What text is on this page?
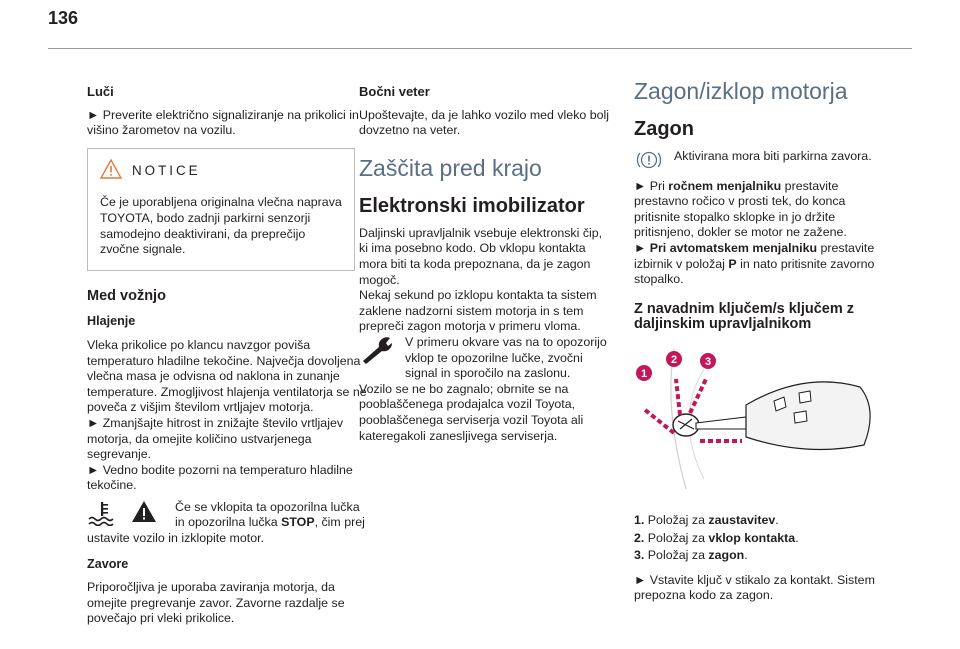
136
Luči

► Preverite električno signaliziranje na prikolici in višino žarometov na vozilu.

NOTICE
Če je uporabljena originalna vlečna naprava TOYOTA, bodo zadnji parkirni senzorji samodejno deaktivirani, da preprečijo zvočne signale.
Med vožnjo
Hlajenje
Vleka prikolice po klancu navzgor poviša temperaturo hladilne tekočine. Največja dovoljena vlečna masa je odvisna od naklona in zunanje temperature. Zmogljivost hlajenja ventilatorja se ne poveča z višjim številom vrtljajev motorja.
► Zmanjšajte hitrost in znižajte število vrtljajev motorja, da omejite količino ustvarjenega segrevanje.
► Vedno bodite pozorni na temperaturo hladilne tekočine.
Če se vklopita ta opozorilna lučka in opozorilna lučka STOP, čim prej ustavite vozilo in izklopite motor.
Zavore

Priporočljiva je uporaba zaviranja motorja, da omejite pregrevanje zavor. Zavorne razdalje se povečajo pri vleki prikolice.

Bočni veter

Upoštevajte, da je lahko vozilo med vleko bolj dovzetno na veter.

Zaščita pred krajo
Elektronski imobilizator
Daljinski upravljalnik vsebuje elektronski čip, ki ima posebno kodo. Ob vklopu kontakta mora biti ta koda prepoznana, da je zagon mogoč.
Nekaj sekund po izklopu kontakta ta sistem zaklene nadzorni sistem motorja in s tem prepreči zagon motorja v primeru vloma.
V primeru okvare vas na to opozorijo vklop te opozorilne lučke, zvočni signal in sporočilo na zaslonu.
Vozilo se ne bo zagnalo; obrnite se na pooblaščenega prodajalca vozil Toyota, pooblaščenega serviserja vozil Toyota ali kateregakoli zanesljivega serviserja.
Zagon/izklop motorja
Zagon
Aktivirana mora biti parkirna zavora.
► Pri ročnem menjalniku prestavite prestavno ročico v prosti tek, do konca pritisnite stopalko sklopke in jo držite pritisnjeno, dokler se motor ne zažene.
► Pri avtomatskem menjalniku prestavite izbirnik v položaj P in nato pritisnite zavorno stopalko.
Z navadnim ključem/s ključem z daljinskim upravljalnikom
1
2	3
1. Položaj za zaustavitev.
2. Položaj za vklop kontakta.
3. Položaj za zagon.

► Vstavite ključ v stikalo za kontakt. Sistem prepozna kodo za zagon.
